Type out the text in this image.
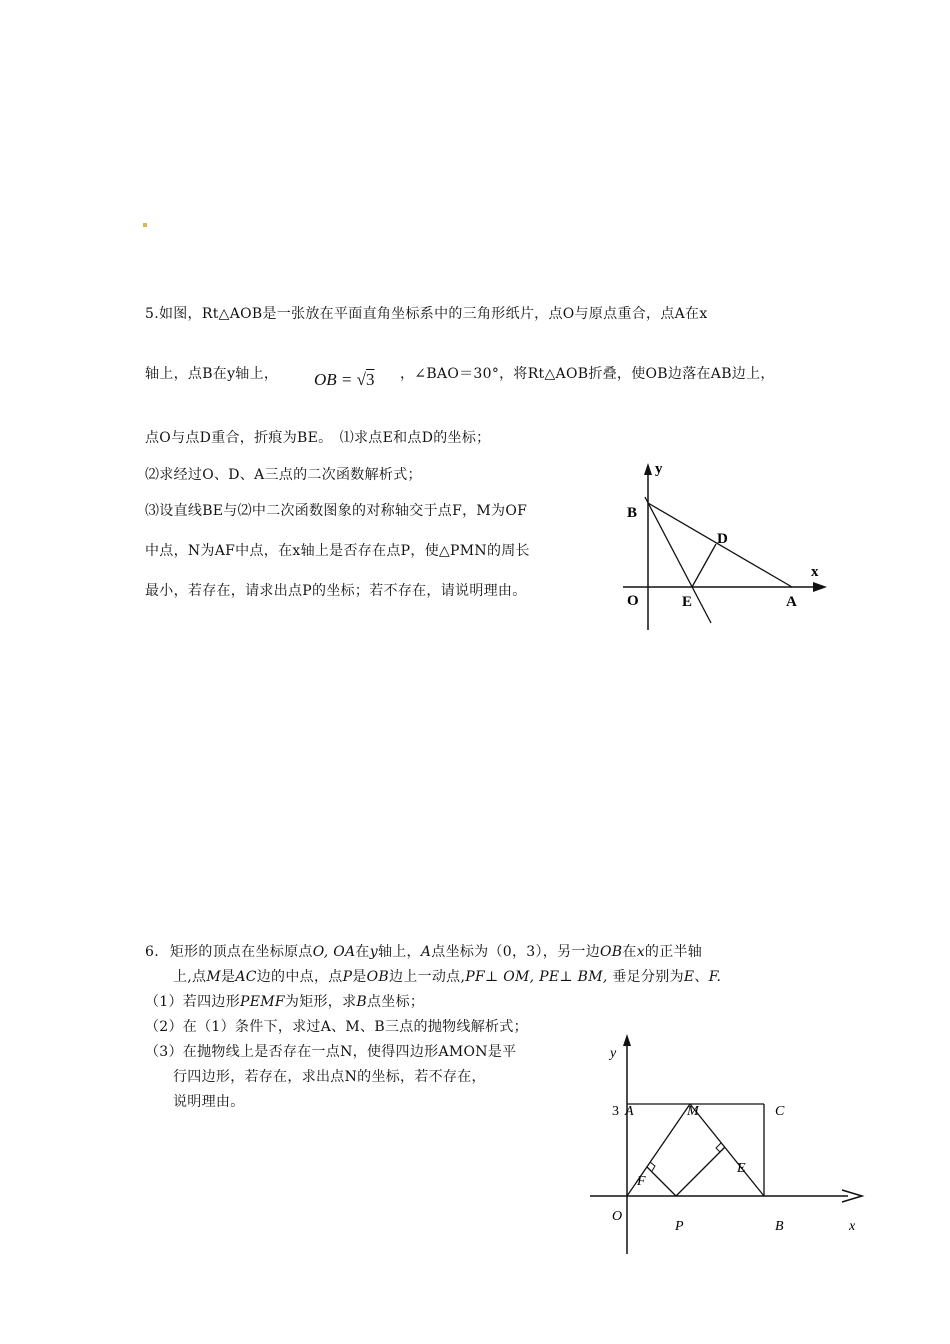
5.如图，Rt△AOB是一张放在平面直角坐标系中的三角形纸片，点O与原点重合，点A在x
轴上，点B在y轴上， OB = √3 ，∠BAO＝30°，将Rt△AOB折叠，使OB边落在AB边上，
点O与点D重合，折痕为BE。　⑴求点E和点D的坐标；
⑵求经过O、D、A三点的二次函数解析式；
⑶设直线BE与⑵中二次函数图象的对称轴交于点F，M为OF
中点，N为AF中点，在x轴上是否存在点P，使△PMN的周长
最小，若存在，请求出点P的坐标；若不存在，请说明理由。
y
x
B
D
O	E	A
6. 矩形的顶点在坐标原点O, OA在y轴上，A点坐标为（0，3），另一边OB在x的正半轴
上,点M是AC边的中点，点P是OB边上一动点,PF⊥ OM, PE⊥ BM, 垂足分别为E、F.
（1）若四边形PEMF为矩形，求B点坐标；
（2）在（1）条件下，求过A、M、B三点的抛物线解析式；
（3）在抛物线上是否存在一点N，使得四边形AMON是平
行四边形，若存在，求出点N的坐标，若不存在，
说明理由。
y
3 A	M	C
F
E
O
P	B	x
